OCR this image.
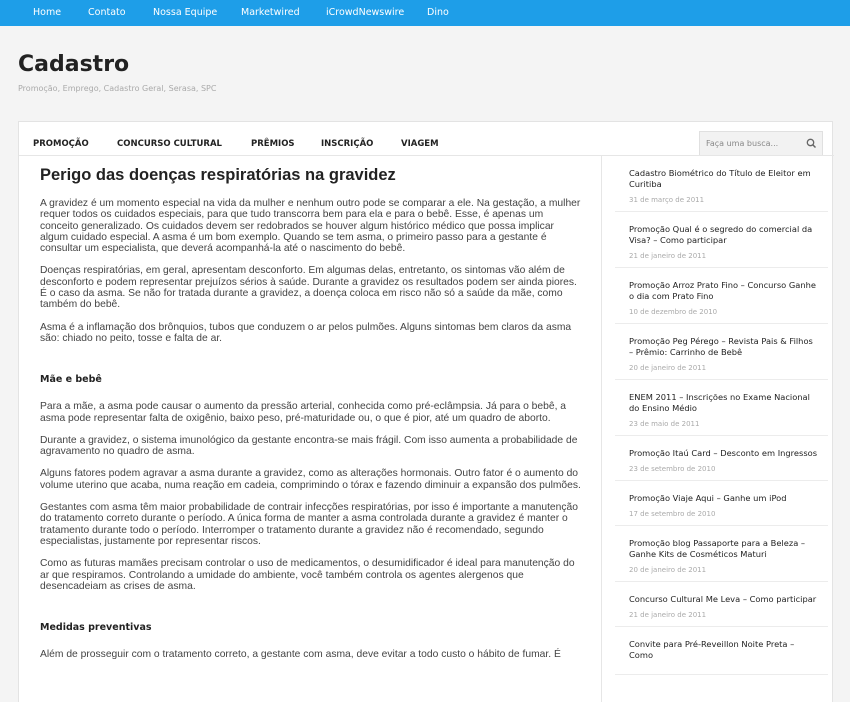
Home	Contato	Nossa Equipe	Marketwired	iCrowdNewswire Dino
Cadastro
Promoção, Emprego, Cadastro Geral, Serasa, SPC
PROMOÇÃO	CONCURSO CULTURAL	PRÊMIOS	INSCRIÇÃO	VIAGEM
Faça uma busca...
Perigo das doenças respiratórias na gravidez

A gravidez é um momento especial na vida da mulher e nenhum outro pode se comparar a ele. Na gestação, a mulher requer todos os cuidados especiais, para que tudo transcorra bem para ela e para o bebê. Esse, é apenas um conceito generalizado. Os cuidados devem ser redobrados se houver algum histórico médico que possa implicar algum cuidado especial. A asma é um bom exemplo. Quando se tem asma, o primeiro passo para a gestante é consultar um especialista, que deverá acompanhá-la até o nascimento do bebê.

Doenças respiratórias, em geral, apresentam desconforto. Em algumas delas, entretanto, os sintomas vão além de desconforto e podem representar prejuízos sérios à saúde. Durante a gravidez os resultados podem ser ainda piores. É o caso da asma. Se não for tratada durante a gravidez, a doença coloca em risco não só a saúde da mãe, como também do bebê.

Asma é a inflamação dos brônquios, tubos que conduzem o ar pelos pulmões. Alguns sintomas bem claros da asma são: chiado no peito, tosse e falta de ar.

Mãe e bebê

Para a mãe, a asma pode causar o aumento da pressão arterial, conhecida como pré-eclâmpsia. Já para o bebê, a asma pode representar falta de oxigênio, baixo peso, pré-maturidade ou, o que é pior, até um quadro de aborto.

Durante a gravidez, o sistema imunológico da gestante encontra-se mais frágil. Com isso aumenta a probabilidade de agravamento no quadro de asma.

Alguns fatores podem agravar a asma durante a gravidez, como as alterações hormonais. Outro fator é o aumento do volume uterino que acaba, numa reação em cadeia, comprimindo o tórax e fazendo diminuir a expansão dos pulmões.

Gestantes com asma têm maior probabilidade de contrair infecções respiratórias, por isso é importante a manutenção do tratamento correto durante o período. A única forma de manter a asma controlada durante a gravidez é manter o tratamento durante todo o período. Interromper o tratamento durante a gravidez não é recomendado, segundo especialistas, justamente por representar riscos.

Como as futuras mamães precisam controlar o uso de medicamentos, o desumidificador é ideal para manutenção do ar que respiramos. Controlando a umidade do ambiente, você também controla os agentes alergenos que desencadeiam as crises de asma.

Medidas preventivas

Além de prosseguir com o tratamento correto, a gestante com asma, deve evitar a todo custo o hábito de fumar. É

Cadastro Biométrico do Título de Eleitor em Curitiba
31 de março de 2011
Promoção Qual é o segredo do comercial da Visa? – Como participar
21 de janeiro de 2011
Promoção Arroz Prato Fino – Concurso Ganhe o dia com Prato Fino
10 de dezembro de 2010
Promoção Peg Pérego – Revista Pais & Filhos – Prêmio: Carrinho de Bebê
20 de janeiro de 2011
ENEM 2011 – Inscrições no Exame Nacional do Ensino Médio
23 de maio de 2011
Promoção Itaú Card – Desconto em Ingressos
23 de setembro de 2010
Promoção Viaje Aqui – Ganhe um iPod
17 de setembro de 2010
Promoção blog Passaporte para a Beleza – Ganhe Kits de Cosméticos Maturi
20 de janeiro de 2011
Concurso Cultural Me Leva – Como participar
21 de janeiro de 2011
Convite para Pré-Reveillon Noite Preta – Como
